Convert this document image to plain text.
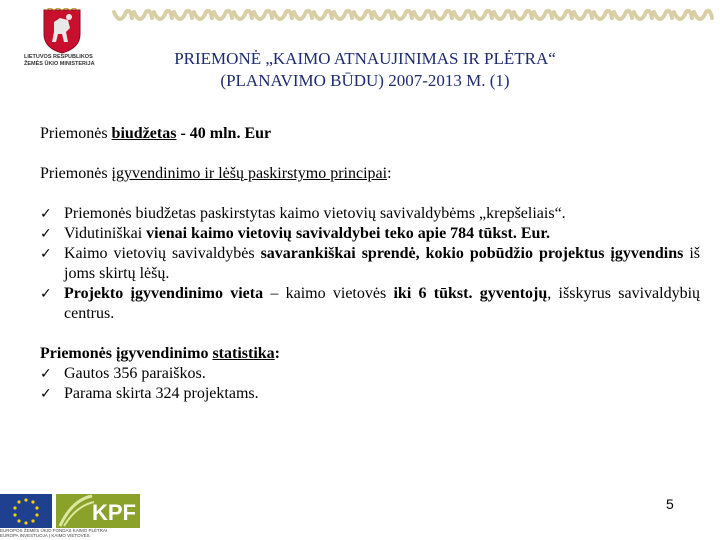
LIETUVOS RESPUBLIKOS
ŽEMĖS ŪKIO MINISTERIJA	PRIEMONĖ „KAIMO ATNAUJINIMAS IR PLĖTRA“
(PLANAVIMO BŪDU) 2007-2013 M. (1)

Priemonės biudžetas - 40 mln. Eur

Priemonės įgyvendinimo ir lėšų paskirstymo principai:

✓ Priemonės biudžetas paskirstytas kaimo vietovių savivaldybėms „krepšeliais“.
✓ Vidutiniškai vienai kaimo vietovių savivaldybei teko apie 784 tūkst. Eur.
✓ Kaimo vietovių savivaldybės savarankiškai sprendė, kokio pobūdžio projektus įgyvendins iš joms skirtų lėšų.
✓ Projekto įgyvendinimo vieta – kaimo vietovės iki 6 tūkst. gyventojų, išskyrus savivaldybių centrus.

Priemonės įgyvendinimo statistika:

✓ Gautos 356 paraiškos.
✓ Parama skirta 324 projektams.
KPF
EUROPOS ŽEMĖS ŪKIO FONDAS KAIMO PLĖTRAI
EUROPA INVESTUOJA Į KAIMO VIETOVES
5
